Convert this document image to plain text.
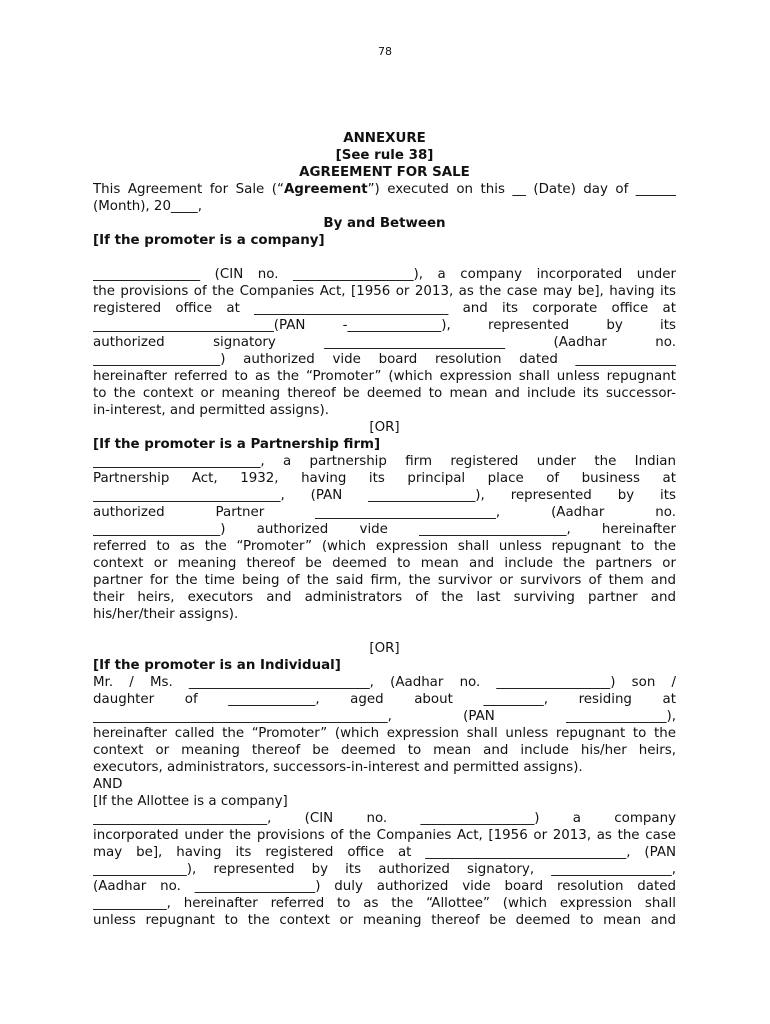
78
ANNEXURE
[See rule 38]
AGREEMENT FOR SALE
This Agreement for Sale (“Agreement”) executed on this __ (Date) day of ______
(Month), 20____,
By and Between
[If the promoter is a company]
________________ (CIN no. __________________), a company incorporated under
the provisions of the Companies Act, [1956 or 2013, as the case may be], having its
registered office at _____________________________ and its corporate office at
___________________________(PAN -______________), represented by its
authorized signatory ___________________________ (Aadhar no.
___________________) authorized vide board resolution dated _______________
hereinafter referred to as the “Promoter” (which expression shall unless repugnant
to the context or meaning thereof be deemed to mean and include its successor-
in-interest, and permitted assigns).
[OR]
[If the promoter is a Partnership firm]
_________________________, a partnership firm registered under the Indian
Partnership Act, 1932, having its principal place of business at
____________________________, (PAN ________________), represented by its
authorized Partner ___________________________, (Aadhar no.
___________________) authorized vide ______________________, hereinafter
referred to as the “Promoter” (which expression shall unless repugnant to the
context or meaning thereof be deemed to mean and include the partners or
partner for the time being of the said firm, the survivor or survivors of them and
their heirs, executors and administrators of the last surviving partner and
his/her/their assigns).
[OR]
[If the promoter is an Individual]
Mr. / Ms. ___________________________, (Aadhar no. _________________) son /
daughter of _____________, aged about _________, residing at
____________________________________________, (PAN _______________),
hereinafter called the “Promoter” (which expression shall unless repugnant to the
context or meaning thereof be deemed to mean and include his/her heirs,
executors, administrators, successors-in-interest and permitted assigns).
AND
[If the Allottee is a company]
__________________________, (CIN no. _________________) a company
incorporated under the provisions of the Companies Act, [1956 or 2013, as the case
may be], having its registered office at ______________________________, (PAN
______________), represented by its authorized signatory, __________________,
(Aadhar no. __________________) duly authorized vide board resolution dated
___________, hereinafter referred to as the “Allottee” (which expression shall
unless repugnant to the context or meaning thereof be deemed to mean and
